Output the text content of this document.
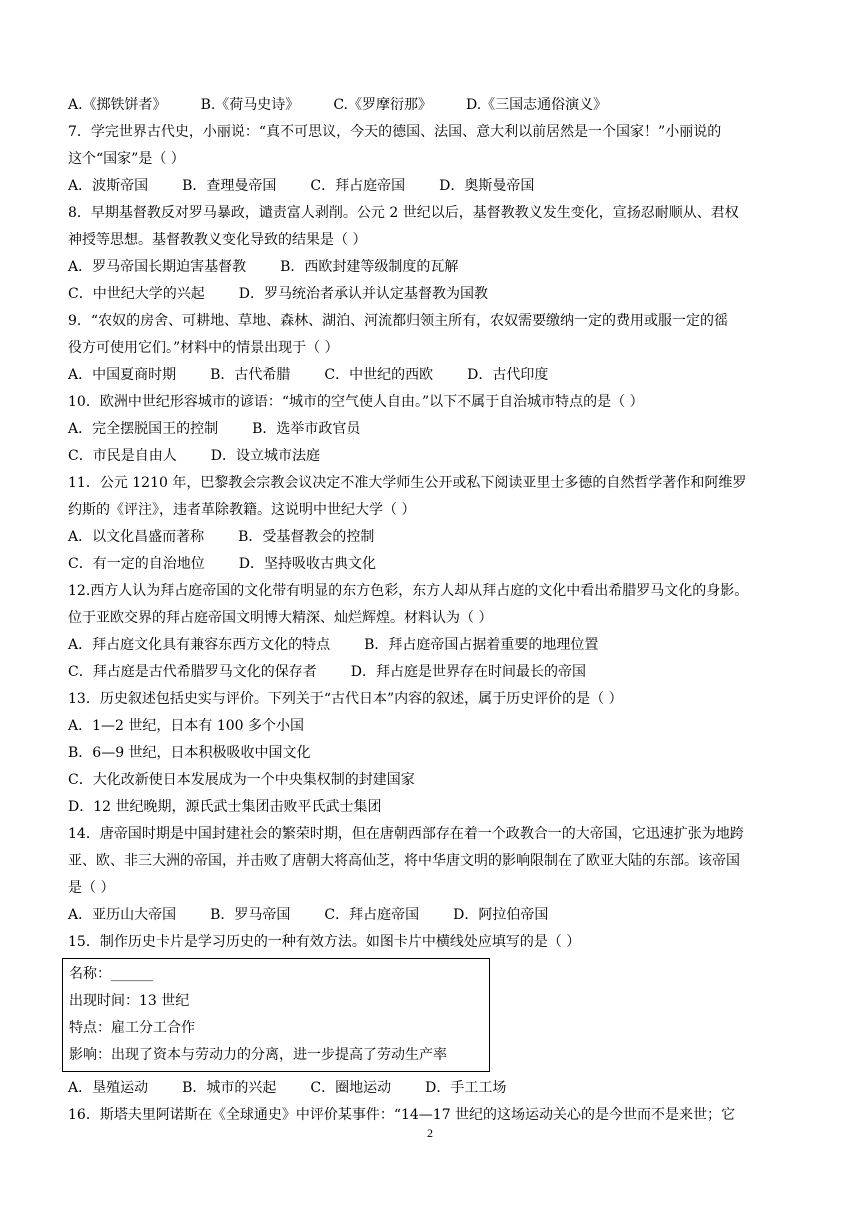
A.《掷铁饼者》 B.《荷马史诗》 C.《罗摩衍那》 D.《三国志通俗演义》
7．学完世界古代史，小丽说：“真不可思议，今天的德国、法国、意大利以前居然是一个国家！”小丽说的
这个“国家”是（ ）
A．波斯帝国 B．查理曼帝国 C．拜占庭帝国 D．奥斯曼帝国
8．早期基督教反对罗马暴政，谴责富人剥削。公元 2 世纪以后，基督教教义发生变化，宣扬忍耐顺从、君权
神授等思想。基督教教义变化导致的结果是（ ）
A．罗马帝国长期迫害基督教 B．西欧封建等级制度的瓦解
C．中世纪大学的兴起 D．罗马统治者承认并认定基督教为国教
9．“农奴的房舍、可耕地、草地、森林、湖泊、河流都归领主所有，农奴需要缴纳一定的费用或服一定的徭
役方可使用它们。”材料中的情景出现于（ ）
A．中国夏商时期 B．古代希腊 C．中世纪的西欧 D．古代印度
10．欧洲中世纪形容城市的谚语：“城市的空气使人自由。”以下不属于自治城市特点的是（ ）
A．完全摆脱国王的控制 B．选举市政官员
C．市民是自由人 D．设立城市法庭
11．公元 1210 年，巴黎教会宗教会议决定不准大学师生公开或私下阅读亚里士多德的自然哲学著作和阿维罗
约斯的《评注》，违者革除教籍。这说明中世纪大学（ ）
A．以文化昌盛而著称 B．受基督教会的控制
C．有一定的自治地位 D．坚持吸收古典文化
12.西方人认为拜占庭帝国的文化带有明显的东方色彩，东方人却从拜占庭的文化中看出希腊罗马文化的身影。
位于亚欧交界的拜占庭帝国文明博大精深、灿烂辉煌。材料认为（ ）
A．拜占庭文化具有兼容东西方文化的特点 B．拜占庭帝国占据着重要的地理位置
C．拜占庭是古代希腊罗马文化的保存者 D．拜占庭是世界存在时间最长的帝国
13．历史叙述包括史实与评价。下列关于“古代日本”内容的叙述，属于历史评价的是（ ）
A．1—2 世纪，日本有 100 多个小国
B．6—9 世纪，日本积极吸收中国文化
C．大化改新使日本发展成为一个中央集权制的封建国家
D．12 世纪晚期，源氏武士集团击败平氏武士集团
14．唐帝国时期是中国封建社会的繁荣时期，但在唐朝西部存在着一个政教合一的大帝国，它迅速扩张为地跨
亚、欧、非三大洲的帝国，并击败了唐朝大将高仙芝，将中华唐文明的影响限制在了欧亚大陆的东部。该帝国
是（ ）
A．亚历山大帝国 B．罗马帝国 C．拜占庭帝国 D．阿拉伯帝国
15．制作历史卡片是学习历史的一种有效方法。如图卡片中横线处应填写的是（ ）
名称：______
出现时间：13 世纪
特点：雇工分工合作
影响：出现了资本与劳动力的分离，进一步提高了劳动生产率
A．垦殖运动 B．城市的兴起 C．圈地运动 D．手工工场
16．斯塔夫里阿诺斯在《全球通史》中评价某事件：“14—17 世纪的这场运动关心的是今世而不是来世；它
2
